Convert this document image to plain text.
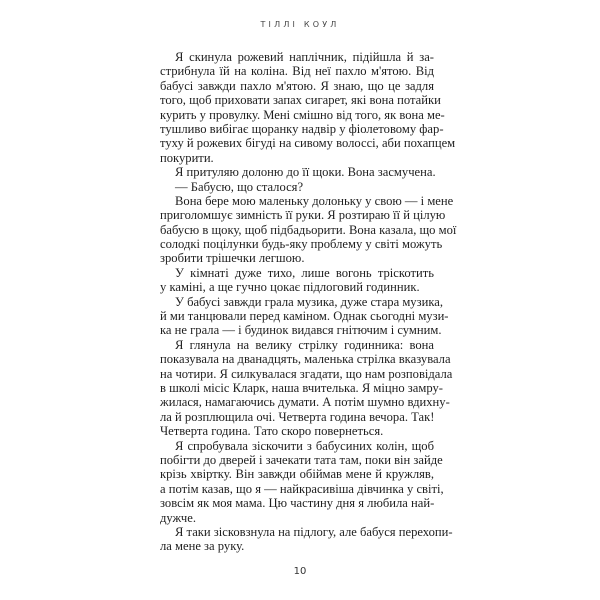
ТІЛЛІ КОУЛ
Я скинула рожевий наплічник, підійшла й за-
стрибнула їй на коліна. Від неї пахло м'ятою. Від
бабусі завжди пахло м'ятою. Я знаю, що це задля
того, щоб приховати запах сигарет, які вона потайки
курить у провулку. Мені смішно від того, як вона ме-
тушливо вибігає щоранку надвір у фіолетовому фар-
туху й рожевих бігуді на сивому волоссі, аби похапцем
покурити.
Я притуляю долоню до її щоки. Вона засмучена.
— Бабусю, що сталося?
Вона бере мою маленьку долоньку у свою — і мене
приголомшує зимність її руки. Я розтираю її й цілую
бабусю в щоку, щоб підбадьорити. Вона казала, що мої
солодкі поцілунки будь-яку проблему у світі можуть
зробити трішечки легшою.
У кімнаті дуже тихо, лише вогонь тріскотить
у каміні, а ще гучно цокає підлоговий годинник.
У бабусі завжди грала музика, дуже стара музика,
й ми танцювали перед каміном. Однак сьогодні музи-
ка не грала — і будинок видався гнітючим і сумним.
Я глянула на велику стрілку годинника: вона
показувала на дванадцять, маленька стрілка вказувала
на чотири. Я силкувалася згадати, що нам розповідала
в школі місіс Кларк, наша вчителька. Я міцно замру-
жилася, намагаючись думати. А потім шумно вдихну-
ла й розплющила очі. Четверта година вечора. Так!
Четверта година. Тато скоро повернеться.
Я спробувала зіскочити з бабусиних колін, щоб
побігти до дверей і зачекати тата там, поки він зайде
крізь хвіртку. Він завжди обіймав мене й кружляв,
а потім казав, що я — найкрасивіша дівчинка у світі,
зовсім як моя мама. Цю частину дня я любила най-
дужче.
Я таки зісковзнула на підлогу, але бабуся перехопи-
ла мене за руку.
10
